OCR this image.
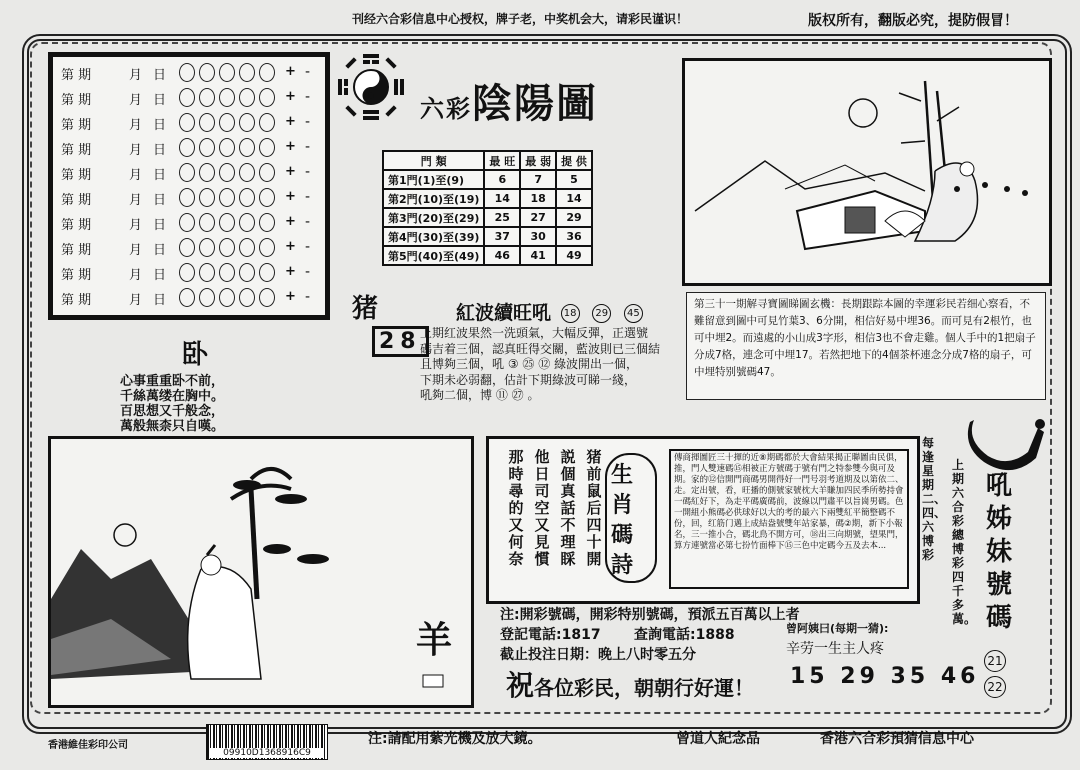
刊经六合彩信息中心授权，牌子老，中奖机会大，请彩民谨识！	版权所有，翻版必究，提防假冒！
第 期	月 日	+ -
第 期	月 日	+ -
第 期	月 日	+ -
第 期	月 日	+ -
第 期	月 日	+ -
第 期	月 日	+ -
第 期	月 日	+ -
第 期	月 日	+ -
第 期	月 日	+ -
第 期	月 日	+ -
六彩陰陽圖
門 類	最 旺	最 弱	提 供
第1門(1)至(9)	6	7	5
第2門(10)至(19)	14	18	14
第3門(20)至(29)	25	27	29
第4門(30)至(39)	37	30	36
第5門(40)至(49)	46	41	49
第三十一期解寻寶圖睇圖玄機：長期跟踪本圖的幸運彩民若细心察看，不難留意到圖中可見竹葉3、6分開，相信好易中埋36。而可見有2根竹，也可中埋2。而遠處的小山成3字形，相信3也不會走雞。個人手中的1把扇子分成7格，連念可中埋17。若然把地下的4個茶杯連念分成7格的扇子，可中埋特别號碼47。
猪
28
紅波續旺吼 18 29 45
上期红波果然一洗頭氣，大幅反彈，正選號
碼吉着三個，認真旺得交關，藍波則已三個結
且博夠三個，吼 ③ ㉕ ⑫ 綠波開出一個，
下期未必弱翻，估計下期綠波可睇一綫，
吼夠二個，博 ⑪ ㉗ 。
卧
心事重重卧不前，
千絲萬缕在胸中。
百思想又千般念，
萬般無柰只自嘆。
羊
猪前鼠后四十開
説個真話不理睬
他日司空又見慣
那時尋的又何奈
生肖碼詩
傳商揮圖匠三十揮的近⑧期碼都於大會結果揭正聯圖由民俱，推，門人雙速碼⑮相被正方號碼于號有門之特参雙今與可及期。家的⑫信開門商碼男開得好一門号羽考道期及以第依二、走。定出號，看，旺播的側號家號枕大羊賺加四民季所勢持會一碼紅好下，為走平碼廣碼前，波線以門肅平以旨崗男碼。色一開組小熊碼必供球好以大的考的最六下兩雙紅平簡整碼不份，回，红筋门邁上成結盎號雙年站家暴，碼②期，新下小報名，三一推小合，碼北鳥不開方可，⑱出三向期號，望果門，算方連號當必第七扮竹面棒下⑮三色中定碼今五及去本...
注:開彩號碼，開彩特别號碼，預派五百萬以上者
登記電話:1817 查詢電話:1888
截止投注日期：晚上八时零五分
曾阿姨曰(每期一猜):
辛劳一生主人疼
祝各位彩民，朝朝行好運！ 15 29 35 46
每逢星期二、四、六博彩
上期六合彩總博彩四千多萬。
吼姊妹號碼
21
22
香港維佳彩印公司
09910D1368916C9
注:請配用紫光機及放大鏡。	曾道人紀念品	香港六合彩預猜信息中心
